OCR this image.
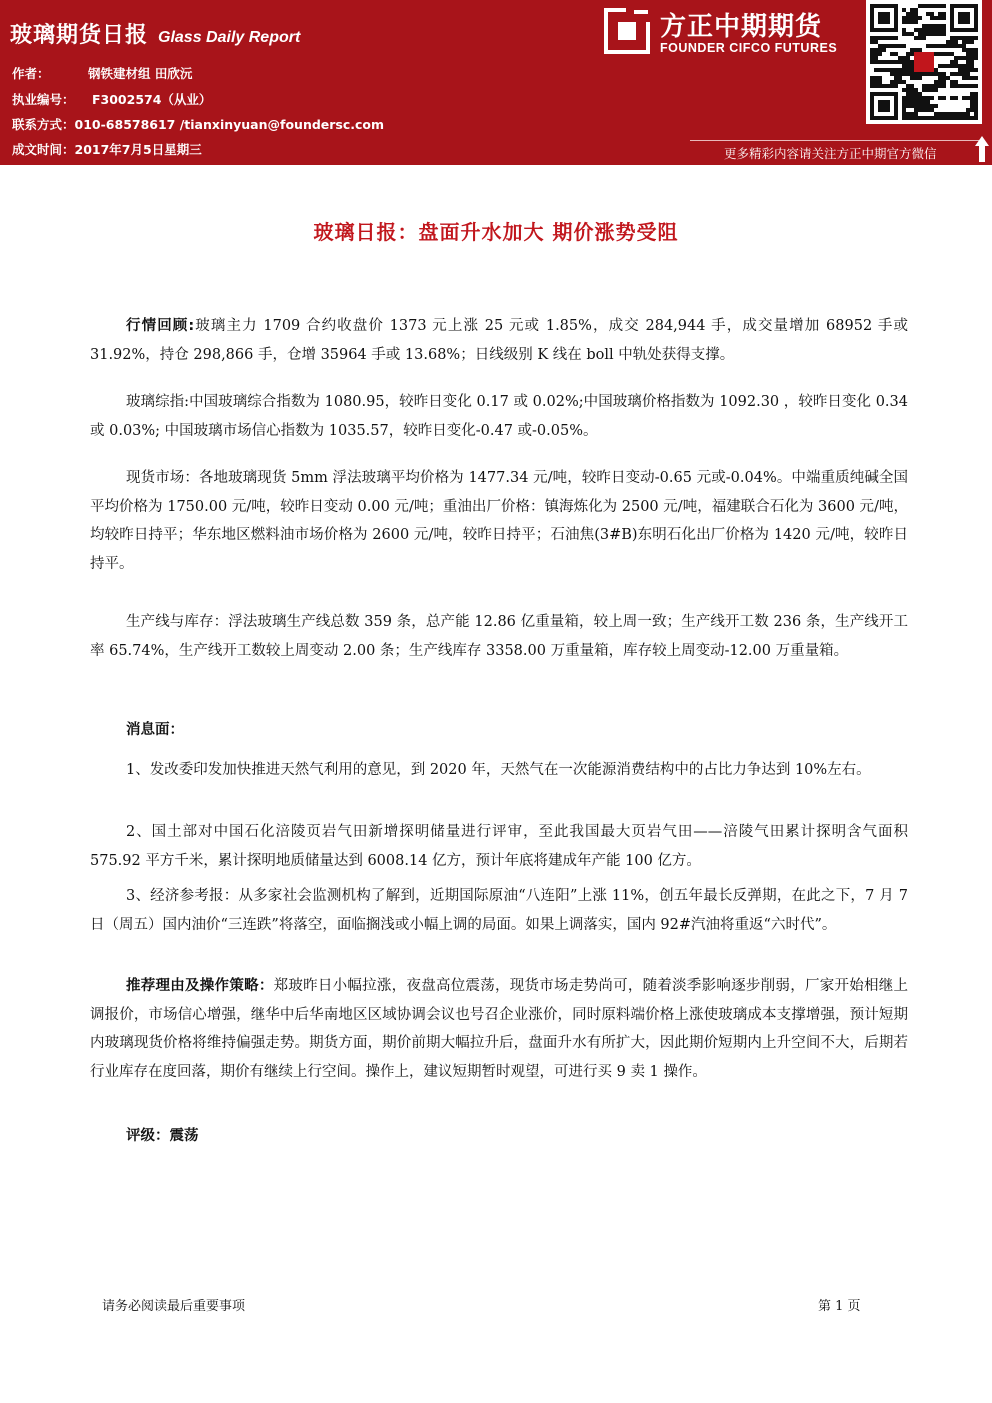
玻璃期货日报 Glass Daily Report
作者：	钢铁建材组 田欣沅
执业编号： F3002574（从业）
联系方式：010-68578617 /tianxinyuan@foundersc.com
成文时间：2017年7月5日星期三
方正中期期货
FOUNDER CIFCO FUTURES
更多精彩内容请关注方正中期官方微信
玻璃日报：盘面升水加大 期价涨势受阻
行情回顾:玻璃主力 1709 合约收盘价 1373 元上涨 25 元或 1.85%，成交 284,944 手，成交量增加 68952 手或 31.92%，持仓 298,866 手，仓增 35964 手或 13.68%；日线级别 K 线在 boll 中轨处获得支撑。
玻璃综指:中国玻璃综合指数为 1080.95，较昨日变化 0.17 或 0.02%;中国玻璃价格指数为 1092.30 ，较昨日变化 0.34 或 0.03%; 中国玻璃市场信心指数为 1035.57，较昨日变化-0.47 或-0.05%。
现货市场：各地玻璃现货 5mm 浮法玻璃平均价格为 1477.34 元/吨，较昨日变动-0.65 元或-0.04%。中端重质纯碱全国平均价格为 1750.00 元/吨，较昨日变动 0.00 元/吨；重油出厂价格：镇海炼化为 2500 元/吨，福建联合石化为 3600 元/吨，均较昨日持平；华东地区燃料油市场价格为 2600 元/吨，较昨日持平；石油焦(3#B)东明石化出厂价格为 1420 元/吨，较昨日持平。
生产线与库存：浮法玻璃生产线总数 359 条，总产能 12.86 亿重量箱，较上周一致；生产线开工数 236 条，生产线开工率 65.74%，生产线开工数较上周变动 2.00 条；生产线库存 3358.00 万重量箱，库存较上周变动-12.00 万重量箱。
消息面：
1、发改委印发加快推进天然气利用的意见，到 2020 年，天然气在一次能源消费结构中的占比力争达到 10%左右。
2、国土部对中国石化涪陵页岩气田新增探明储量进行评审，至此我国最大页岩气田——涪陵气田累计探明含气面积 575.92 平方千米，累计探明地质储量达到 6008.14 亿方，预计年底将建成年产能 100 亿方。
3、经济参考报：从多家社会监测机构了解到，近期国际原油“八连阳”上涨 11%，创五年最长反弹期，在此之下，7 月 7 日（周五）国内油价“三连跌”将落空，面临搁浅或小幅上调的局面。如果上调落实，国内 92#汽油将重返“六时代”。
推荐理由及操作策略：郑玻昨日小幅拉涨，夜盘高位震荡，现货市场走势尚可，随着淡季影响逐步削弱，厂家开始相继上调报价，市场信心增强，继华中后华南地区区域协调会议也号召企业涨价，同时原料端价格上涨使玻璃成本支撑增强，预计短期内玻璃现货价格将维持偏强走势。期货方面，期价前期大幅拉升后，盘面升水有所扩大，因此期价短期内上升空间不大，后期若行业库存在度回落，期价有继续上行空间。操作上，建议短期暂时观望，可进行买 9 卖 1 操作。
评级：震荡
请务必阅读最后重要事项	第 1 页
